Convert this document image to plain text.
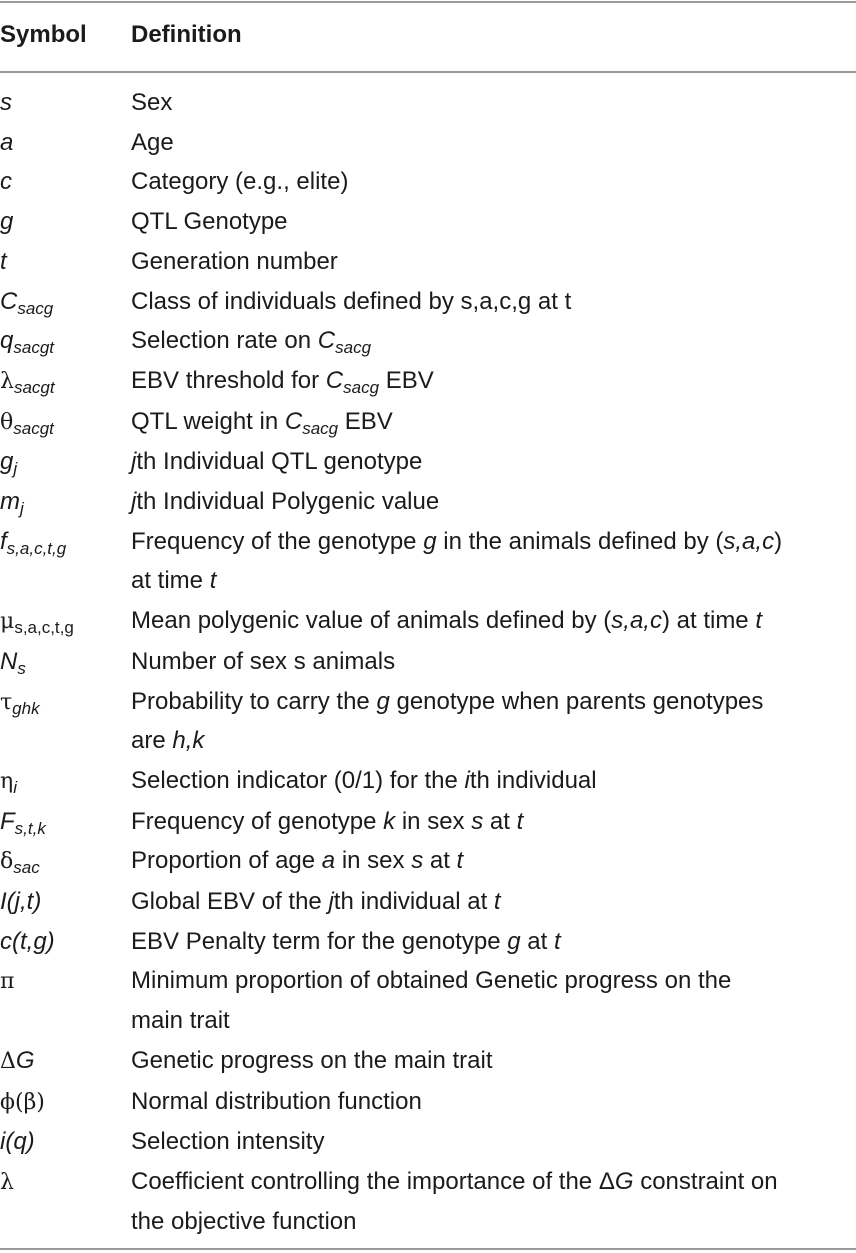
Symbol Definition
s	Sex
a	Age
c	Category (e.g., elite)
g	QTL Genotype
t	Generation number
$C_{sacg}$	Class of individuals defined by s,a,c,g at t
$q_{sacgt}$	Selection rate on $C_{sacg}$
$\lambda_{sacgt}$	EBV threshold for $C_{sacg}$ EBV
$\theta_{sacgt}$	QTL weight in $C_{sacg}$ EBV
$g_j$	jth Individual QTL genotype
$m_j$	jth Individual Polygenic value
$f_{s,a,c,t,g}$	Frequency of the genotype g in the animals defined by (s,a,c)
at time t
$\mu_{s,a,c,t,g}$	Mean polygenic value of animals defined by (s,a,c) at time t
$N_s$	Number of sex s animals
$\tau_{ghk}$	Probability to carry the g genotype when parents genotypes
are h,k
$\eta_i$	Selection indicator (0/1) for the ith individual
$F_{s,t,k}$	Frequency of genotype k in sex s at t
$\delta_{sac}$	Proportion of age a in sex s at t
I(j,t)	Global EBV of the jth individual at t
c(t,g)	EBV Penalty term for the genotype g at t
π	Minimum proportion of obtained Genetic progress on the
main trait
ΔG	Genetic progress on the main trait
ϕ(β)	Normal distribution function
i(q)	Selection intensity
λ	Coefficient controlling the importance of the ΔG constraint on
the objective function
